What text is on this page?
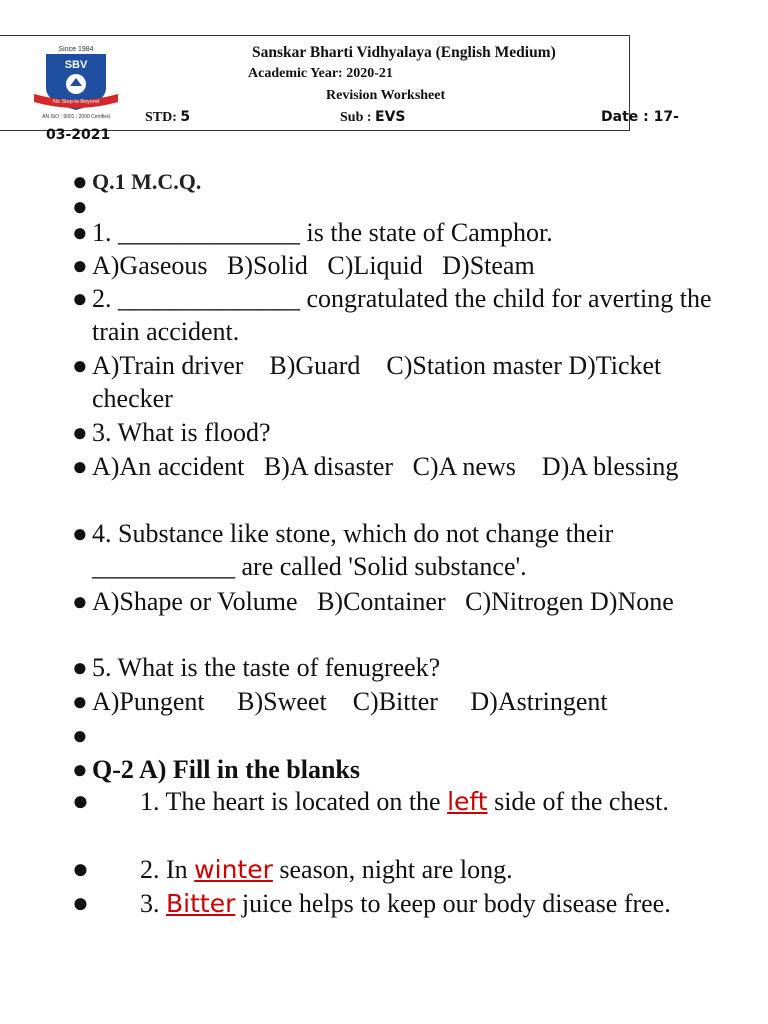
Since 1984
SBV
No Stop to Beyond
AN ISO : 9001 : 2000 Certified
Sanskar Bharti Vidhyalaya (English Medium)
Academic Year: 2020-21
Revision Worksheet
STD: 5	Sub : EVS	Date : 17-
03-2021
● Q.1 M.C.Q.
●
● 1. ______________ is the state of Camphor.
● A)Gaseous   B)Solid   C)Liquid   D)Steam
● 2. ______________ congratulated the child for averting the train accident.
● A)Train driver    B)Guard    C)Station master D)Ticket checker
● 3. What is flood?
● A)An accident   B)A disaster   C)A news    D)A blessing
● 4. Substance like stone, which do not change their ___________ are called 'Solid substance'.
● A)Shape or Volume   B)Container   C)Nitrogen D)None
● 5. What is the taste of fenugreek?
● A)Pungent     B)Sweet    C)Bitter     D)Astringent
●
● Q-2 A) Fill in the blanks
● 1. The heart is located on the left side of the chest.
● 2. In winter season, night are long.
● 3. Bitter juice helps to keep our body disease free.
